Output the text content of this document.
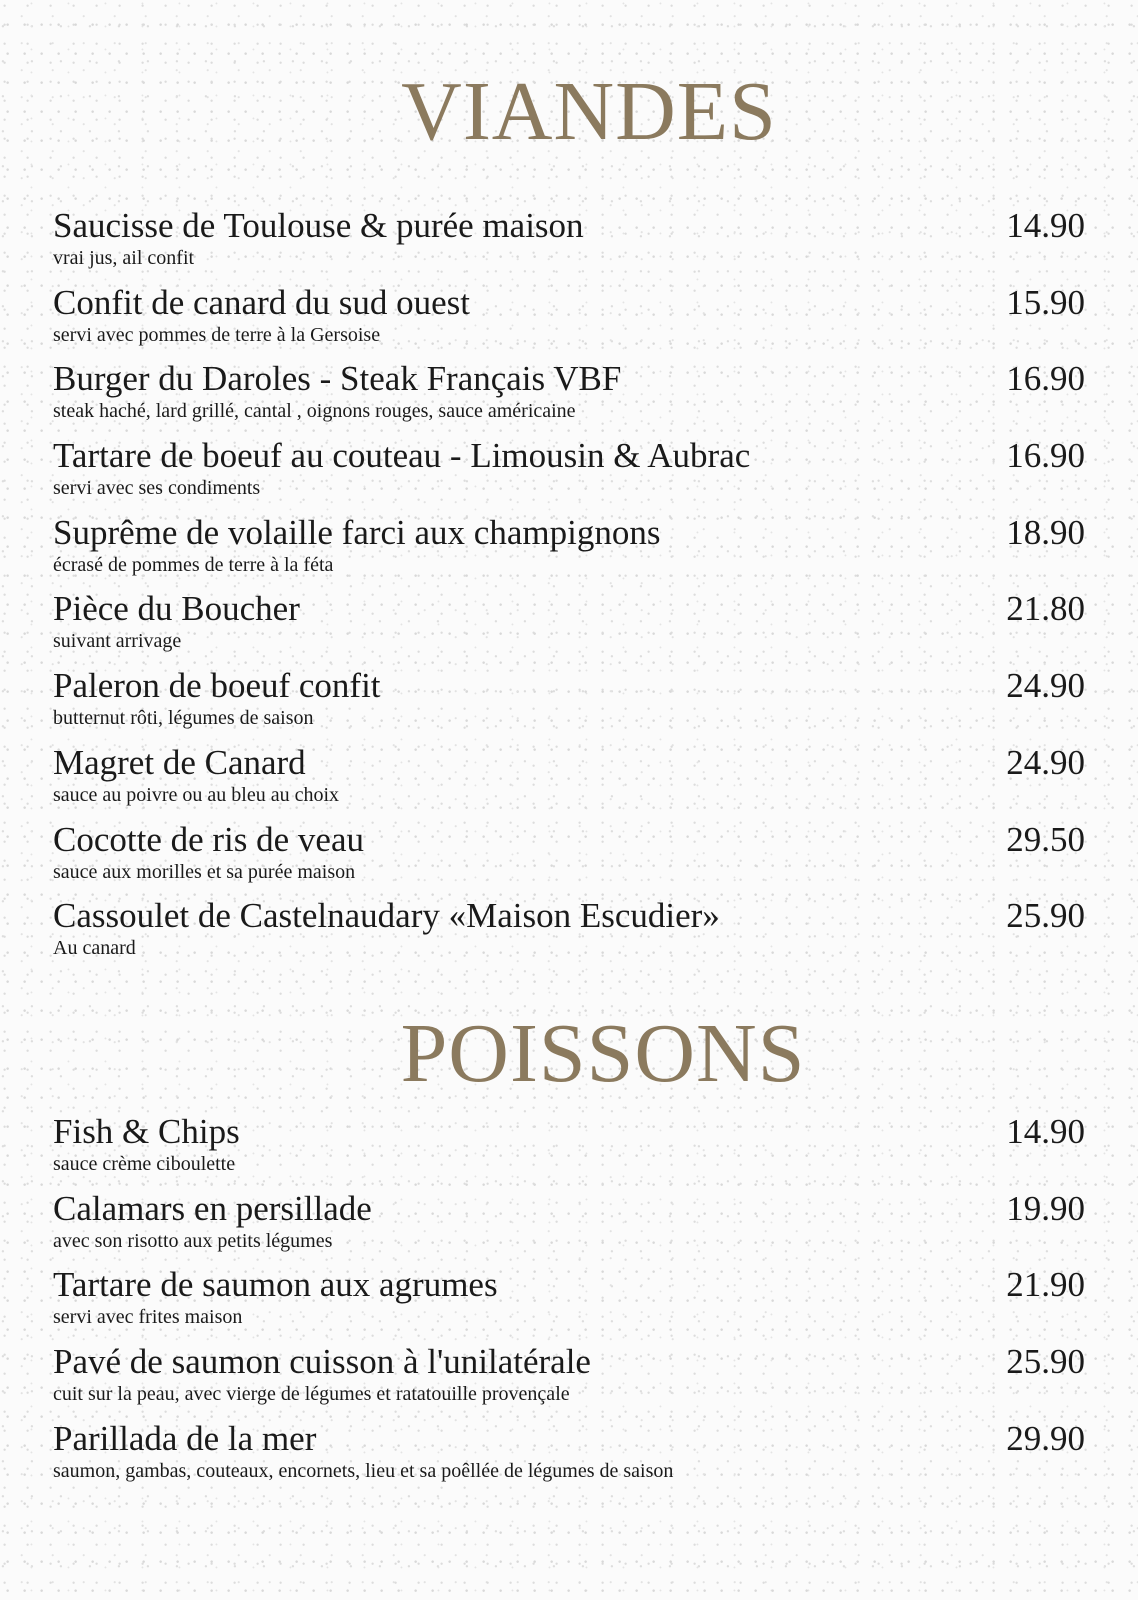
VIANDES
Saucisse de Toulouse & purée maison
vrai jus, ail confit
14.90
Confit de canard du sud ouest
servi avec pommes de terre à la Gersoise
15.90
Burger du Daroles - Steak Français VBF
steak haché, lard grillé, cantal , oignons rouges, sauce américaine
16.90
Tartare de boeuf au couteau - Limousin & Aubrac
servi avec ses condiments
16.90
Suprême de volaille farci aux champignons
écrasé de pommes de terre à la féta
18.90
Pièce du Boucher
suivant arrivage
21.80
Paleron de boeuf confit
butternut rôti, légumes de saison
24.90
Magret de Canard
sauce au poivre ou au bleu au choix
24.90
Cocotte de ris de veau
sauce aux morilles et sa purée maison
29.50
Cassoulet de Castelnaudary «Maison Escudier»
Au canard
25.90
POISSONS
Fish & Chips
sauce crème ciboulette
14.90
Calamars en persillade
avec son risotto aux petits légumes
19.90
Tartare de saumon aux agrumes
servi avec frites maison
21.90
Pavé de saumon cuisson à l'unilatérale
cuit sur la peau, avec vierge de légumes et ratatouille provençale
25.90
Parillada de la mer
saumon, gambas, couteaux, encornets, lieu et sa poêllée de légumes de saison
29.90
